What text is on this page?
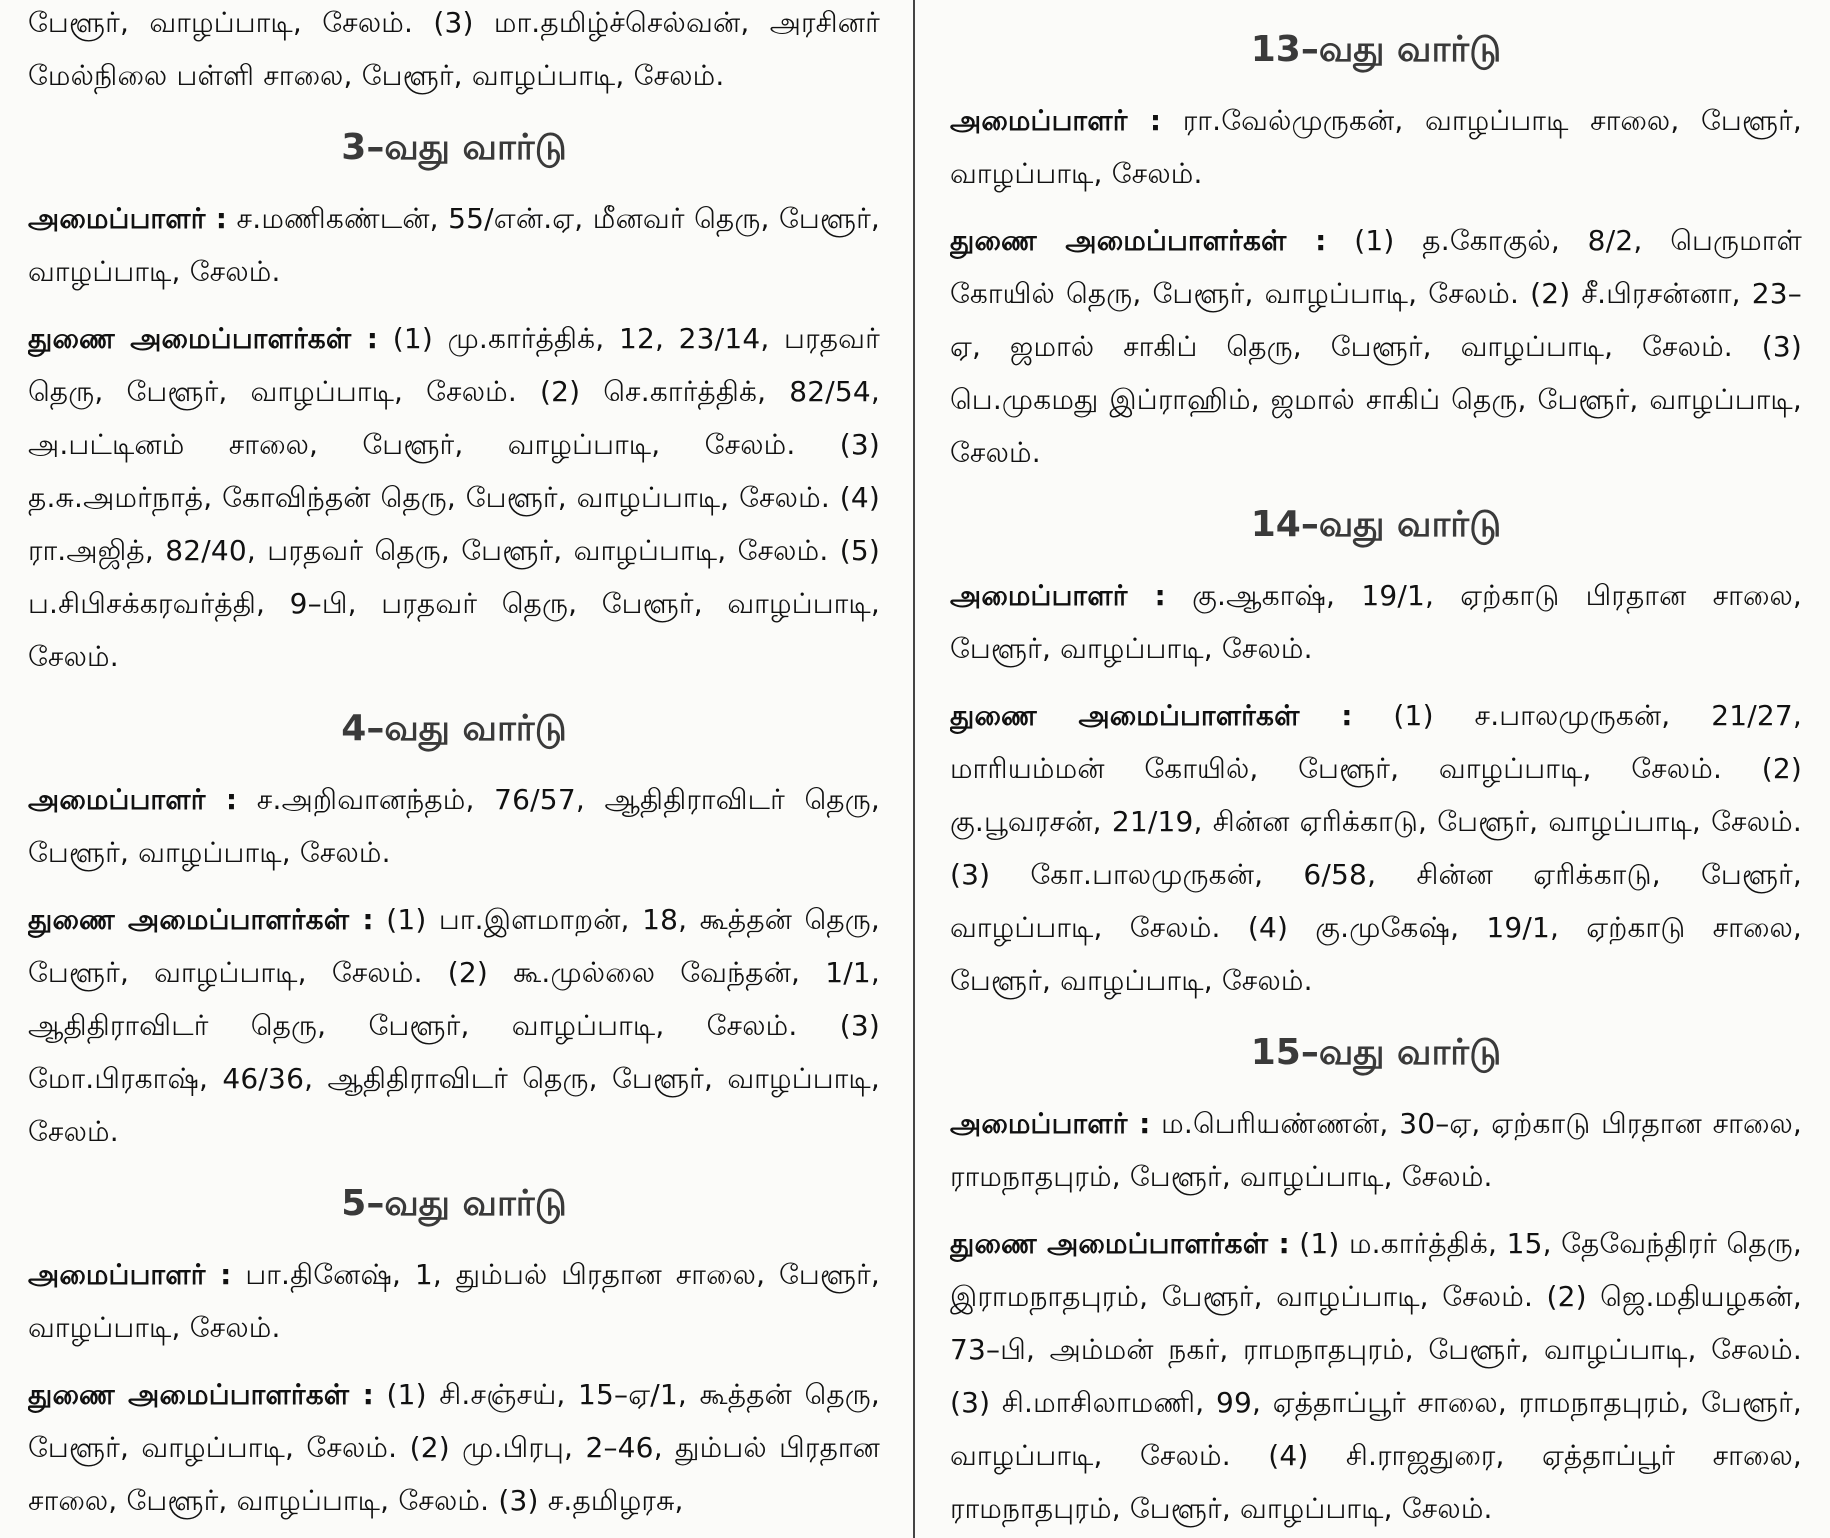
பேளூர், வாழப்பாடி, சேலம். (3) மா.தமிழ்ச்செல்வன், அரசினர் மேல்நிலை பள்ளி சாலை, பேளூர், வாழப்பாடி, சேலம்.

3–வது வார்டு

அமைப்பாளர் : ச.மணிகண்டன், 55/என்.ஏ, மீனவர் தெரு, பேளூர், வாழப்பாடி, சேலம்.

துணை அமைப்பாளர்கள் : (1) மு.கார்த்திக், 12, 23/14, பரதவர் தெரு, பேளூர், வாழப்பாடி, சேலம். (2) செ.கார்த்திக், 82/54, அ.பட்டினம் சாலை, பேளூர், வாழப்பாடி, சேலம். (3) த.சு.அமர்நாத், கோவிந்தன் தெரு, பேளூர், வாழப்பாடி, சேலம். (4) ரா.அஜித், 82/40, பரதவர் தெரு, பேளூர், வாழப்பாடி, சேலம். (5) ப.சிபிசக்கரவர்த்தி, 9–பி, பரதவர் தெரு, பேளூர், வாழப்பாடி, சேலம்.

4–வது வார்டு

அமைப்பாளர் : ச.அறிவானந்தம், 76/57, ஆதிதிராவிடர் தெரு, பேளூர், வாழப்பாடி, சேலம்.

துணை அமைப்பாளர்கள் : (1) பா.இளமாறன், 18, கூத்தன் தெரு, பேளூர், வாழப்பாடி, சேலம். (2) கூ.முல்லை வேந்தன், 1/1, ஆதிதிராவிடர் தெரு, பேளூர், வாழப்பாடி, சேலம். (3) மோ.பிரகாஷ், 46/36, ஆதிதிராவிடர் தெரு, பேளூர், வாழப்பாடி, சேலம்.

5–வது வார்டு

அமைப்பாளர் : பா.தினேஷ், 1, தும்பல் பிரதான சாலை, பேளூர், வாழப்பாடி, சேலம்.

துணை அமைப்பாளர்கள் : (1) சி.சஞ்சய், 15–ஏ/1, கூத்தன் தெரு, பேளூர், வாழப்பாடி, சேலம். (2) மு.பிரபு, 2–46, தும்பல் பிரதான சாலை, பேளூர், வாழப்பாடி, சேலம். (3) ச.தமிழரசு,

13–வது வார்டு

அமைப்பாளர் : ரா.வேல்முருகன், வாழப்பாடி சாலை, பேளூர், வாழப்பாடி, சேலம்.

துணை அமைப்பாளர்கள் : (1) த.கோகுல், 8/2, பெருமாள் கோயில் தெரு, பேளூர், வாழப்பாடி, சேலம். (2) சீ.பிரசன்னா, 23–ஏ, ஜமால் சாகிப் தெரு, பேளூர், வாழப்பாடி, சேலம். (3) பெ.முகமது இப்ராஹிம், ஜமால் சாகிப் தெரு, பேளூர், வாழப்பாடி, சேலம்.

14–வது வார்டு

அமைப்பாளர் : கு.ஆகாஷ், 19/1, ஏற்காடு பிரதான சாலை, பேளூர், வாழப்பாடி, சேலம்.

துணை அமைப்பாளர்கள் : (1) ச.பாலமுருகன், 21/27, மாரியம்மன் கோயில், பேளூர், வாழப்பாடி, சேலம். (2) கு.பூவரசன், 21/19, சின்ன ஏரிக்காடு, பேளூர், வாழப்பாடி, சேலம். (3) கோ.பாலமுருகன், 6/58, சின்ன ஏரிக்காடு, பேளூர், வாழப்பாடி, சேலம். (4) கு.முகேஷ், 19/1, ஏற்காடு சாலை, பேளூர், வாழப்பாடி, சேலம்.

15–வது வார்டு

அமைப்பாளர் : ம.பெரியண்ணன், 30–ஏ, ஏற்காடு பிரதான சாலை, ராமநாதபுரம், பேளூர், வாழப்பாடி, சேலம்.

துணை அமைப்பாளர்கள் : (1) ம.கார்த்திக், 15, தேவேந்திரர் தெரு, இராமநாதபுரம், பேளூர், வாழப்பாடி, சேலம். (2) ஜெ.மதியழகன், 73–பி, அம்மன் நகர், ராமநாதபுரம், பேளூர், வாழப்பாடி, சேலம். (3) சி.மாசிலாமணி, 99, ஏத்தாப்பூர் சாலை, ராமநாதபுரம், பேளூர், வாழப்பாடி, சேலம். (4) சி.ராஜதுரை, ஏத்தாப்பூர் சாலை, ராமநாதபுரம், பேளூர், வாழப்பாடி, சேலம்.
